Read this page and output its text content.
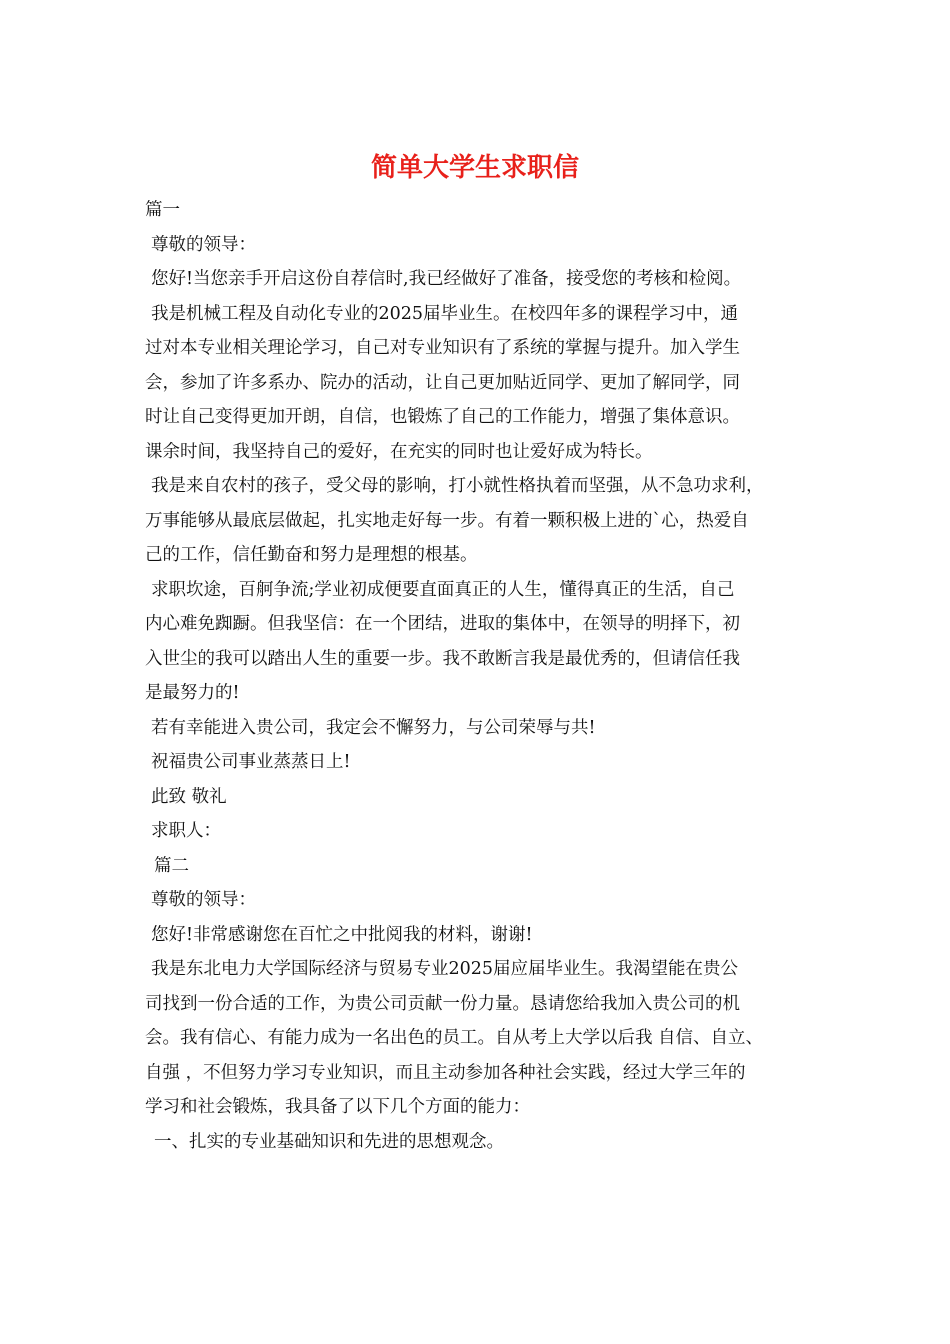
简单大学生求职信

篇一

尊敬的领导：

您好!当您亲手开启这份自荐信时,我已经做好了准备，接受您的考核和检阅。

我是机械工程及自动化专业的2025届毕业生。在校四年多的课程学习中，通

过对本专业相关理论学习，自己对专业知识有了系统的掌握与提升。加入学生

会，参加了许多系办、院办的活动，让自己更加贴近同学、更加了解同学，同

时让自己变得更加开朗，自信，也锻炼了自己的工作能力，增强了集体意识。

课余时间，我坚持自己的爱好，在充实的同时也让爱好成为特长。

我是来自农村的孩子，受父母的影响，打小就性格执着而坚强，从不急功求利，

万事能够从最底层做起，扎实地走好每一步。有着一颗积极上进的`心，热爱自

己的工作，信任勤奋和努力是理想的根基。

求职坎途，百舸争流;学业初成便要直面真正的人生，懂得真正的生活，自己

内心难免踟蹰。但我坚信：在一个团结，进取的集体中，在领导的明择下，初

入世尘的我可以踏出人生的重要一步。我不敢断言我是最优秀的，但请信任我

是最努力的!

若有幸能进入贵公司，我定会不懈努力，与公司荣辱与共!

祝福贵公司事业蒸蒸日上!

此致 敬礼

求职人：

篇二

尊敬的领导：

您好!非常感谢您在百忙之中批阅我的材料，谢谢!

我是东北电力大学国际经济与贸易专业2025届应届毕业生。我渴望能在贵公

司找到一份合适的工作，为贵公司贡献一份力量。恳请您给我加入贵公司的机

会。我有信心、有能力成为一名出色的员工。自从考上大学以后我 自信、自立、

自强 ，不但努力学习专业知识，而且主动参加各种社会实践，经过大学三年的

学习和社会锻炼，我具备了以下几个方面的能力：

一、扎实的专业基础知识和先进的思想观念。
